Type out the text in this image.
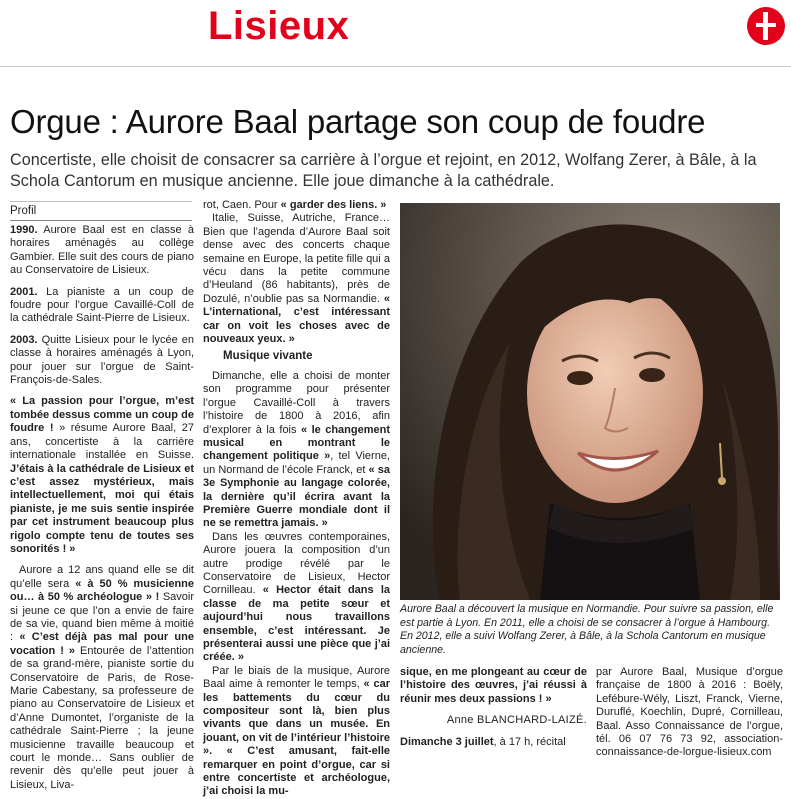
Lisieux
Orgue : Aurore Baal partage son coup de foudre

Concertiste, elle choisit de consacrer sa carrière à l’orgue et rejoint, en 2012, Wolfang Zerer, à Bâle, à la Schola Cantorum en musique ancienne. Elle joue dimanche à la cathédrale.

Profil

1990. Aurore Baal est en classe à horaires aménagés au collège Gambier. Elle suit des cours de piano au Conservatoire de Lisieux.

2001. La pianiste a un coup de foudre pour l’orgue Cavaillé-Coll de la cathédrale Saint-Pierre de Lisieux.

2003. Quitte Lisieux pour le lycée en classe à horaires aménagés à Lyon, pour jouer sur l’orgue de Saint-François-de-Sales.

« La passion pour l’orgue, m’est tombée dessus comme un coup de foudre ! » résume Aurore Baal, 27 ans, concertiste à la carrière internationale installée en Suisse. J’étais à la cathédrale de Lisieux et c’est assez mystérieux, mais intellectuellement, moi qui étais pianiste, je me suis sentie inspirée par cet instrument beaucoup plus rigolo compte tenu de toutes ses sonorités ! »

Aurore a 12 ans quand elle se dit qu’elle sera « à 50 % musicienne ou… à 50 % archéologue » ! Savoir si jeune ce que l’on a envie de faire de sa vie, quand bien même à moitié : « C’est déjà pas mal pour une vocation ! » Entourée de l’attention de sa grand-mère, pianiste sortie du Conservatoire de Paris, de Rose-Marie Cabestany, sa professeure de piano au Conservatoire de Lisieux et d’Anne Dumontet, l’organiste de la cathédrale Saint-Pierre ; la jeune musicienne travaille beaucoup et court le monde… Sans oublier de revenir dès qu’elle peut jouer à Lisieux, Liva-

rot, Caen. Pour « garder des liens. »

Italie, Suisse, Autriche, France… Bien que l’agenda d’Aurore Baal soit dense avec des concerts chaque semaine en Europe, la petite fille qui a vécu dans la petite commune d’Heuland (86 habitants), près de Dozulé, n’oublie pas sa Normandie. « L’international, c’est intéressant car on voit les choses avec de nouveaux yeux. »

Musique vivante

Dimanche, elle a choisi de monter son programme pour présenter l’orgue Cavaillé-Coll à travers l’histoire de 1800 à 2016, afin d’explorer à la fois « le changement musical en montrant le changement politique », tel Vierne, un Normand de l’école Franck, et « sa 3e Symphonie au langage colorée, la dernière qu’il écrira avant la Première Guerre mondiale dont il ne se remettra jamais. »

Dans les œuvres contemporaines, Aurore jouera la composition d’un autre prodige révélé par le Conservatoire de Lisieux, Hector Cornilleau. « Hector était dans la classe de ma petite sœur et aujourd’hui nous travaillons ensemble, c’est intéressant. Je présenterai aussi une pièce que j’ai créée. »

Par le biais de la musique, Aurore Baal aime à remonter le temps, « car les battements du cœur du compositeur sont là, bien plus vivants que dans un musée. En jouant, on vit de l’intérieur l’histoire ». « C’est amusant, fait-elle remarquer en point d’orgue, car si entre concertiste et archéologue, j’ai choisi la mu-

Aurore Baal a découvert la musique en Normandie. Pour suivre sa passion, elle est partie à Lyon. En 2011, elle a choisi de se consacrer à l’orgue à Hambourg. En 2012, elle a suivi Wolfang Zerer, à Bâle, à la Schola Cantorum en musique ancienne.

sique, en me plongeant au cœur de l’histoire des œuvres, j’ai réussi à réunir mes deux passions ! »

Anne BLANCHARD-LAIZÉ.

Dimanche 3 juillet, à 17 h, récital

par Aurore Baal, Musique d’orgue française de 1800 à 2016 : Boëly, Lefébure-Wély, Liszt, Franck, Vierne, Duruflé, Koechlin, Dupré, Cornilleau, Baal. Asso Connaissance de l’orgue, tél. 06 07 76 73 92, association-connaissance-de-lorgue-lisieux.com
